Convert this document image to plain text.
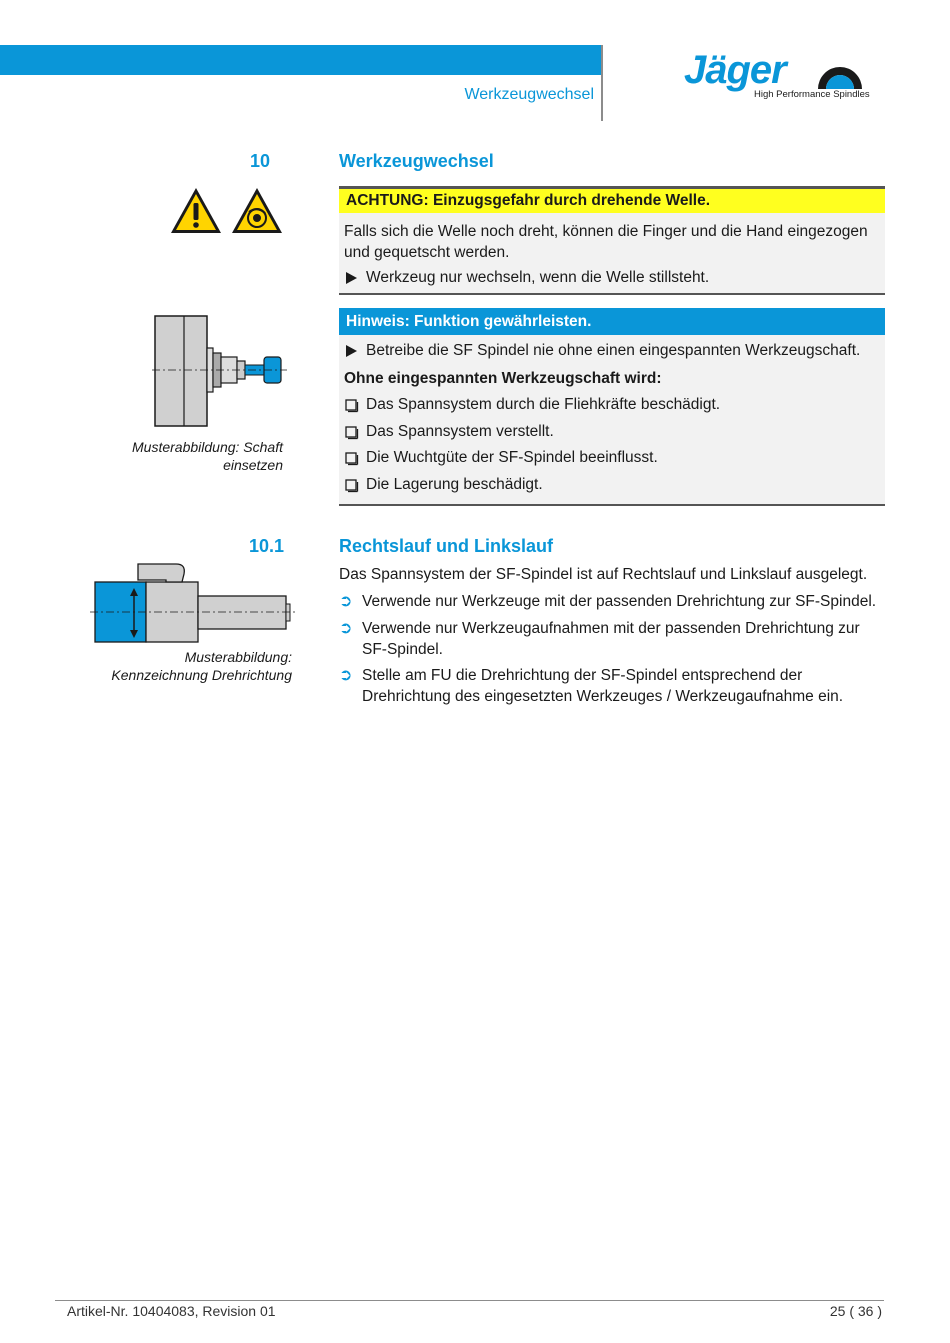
Werkzeugwechsel
Jäger
High Performance Spindles
10	Werkzeugwechsel
ACHTUNG: Einzugsgefahr durch drehende Welle.
Falls sich die Welle noch dreht, können die Finger und die Hand eingezogen und gequetscht werden.
Werkzeug nur wechseln, wenn die Welle stillsteht.
Musterabbildung: Schaft einsetzen
Hinweis: Funktion gewährleisten.
Betreibe die SF Spindel nie ohne einen eingespannten Werkzeugschaft.
Ohne eingespannten Werkzeugschaft wird:
Das Spannsystem durch die Fliehkräfte beschädigt.
Das Spannsystem verstellt.
Die Wuchtgüte der SF-Spindel beeinflusst.
Die Lagerung beschädigt.
10.1	Rechtslauf und Linkslauf
Musterabbildung: Kennzeichnung Drehrichtung
Das Spannsystem der SF-Spindel ist auf Rechtslauf und Linkslauf ausgelegt.
➲ Verwende nur Werkzeuge mit der passenden Drehrichtung zur SF-Spindel.
➲ Verwende nur Werkzeugaufnahmen mit der passenden Drehrichtung zur SF-Spindel.
➲ Stelle am FU die Drehrichtung der SF-Spindel entsprechend der Drehrichtung des eingesetzten Werkzeuges / Werkzeugaufnahme ein.
Artikel-Nr. 10404083, Revision 01	25 ( 36 )
